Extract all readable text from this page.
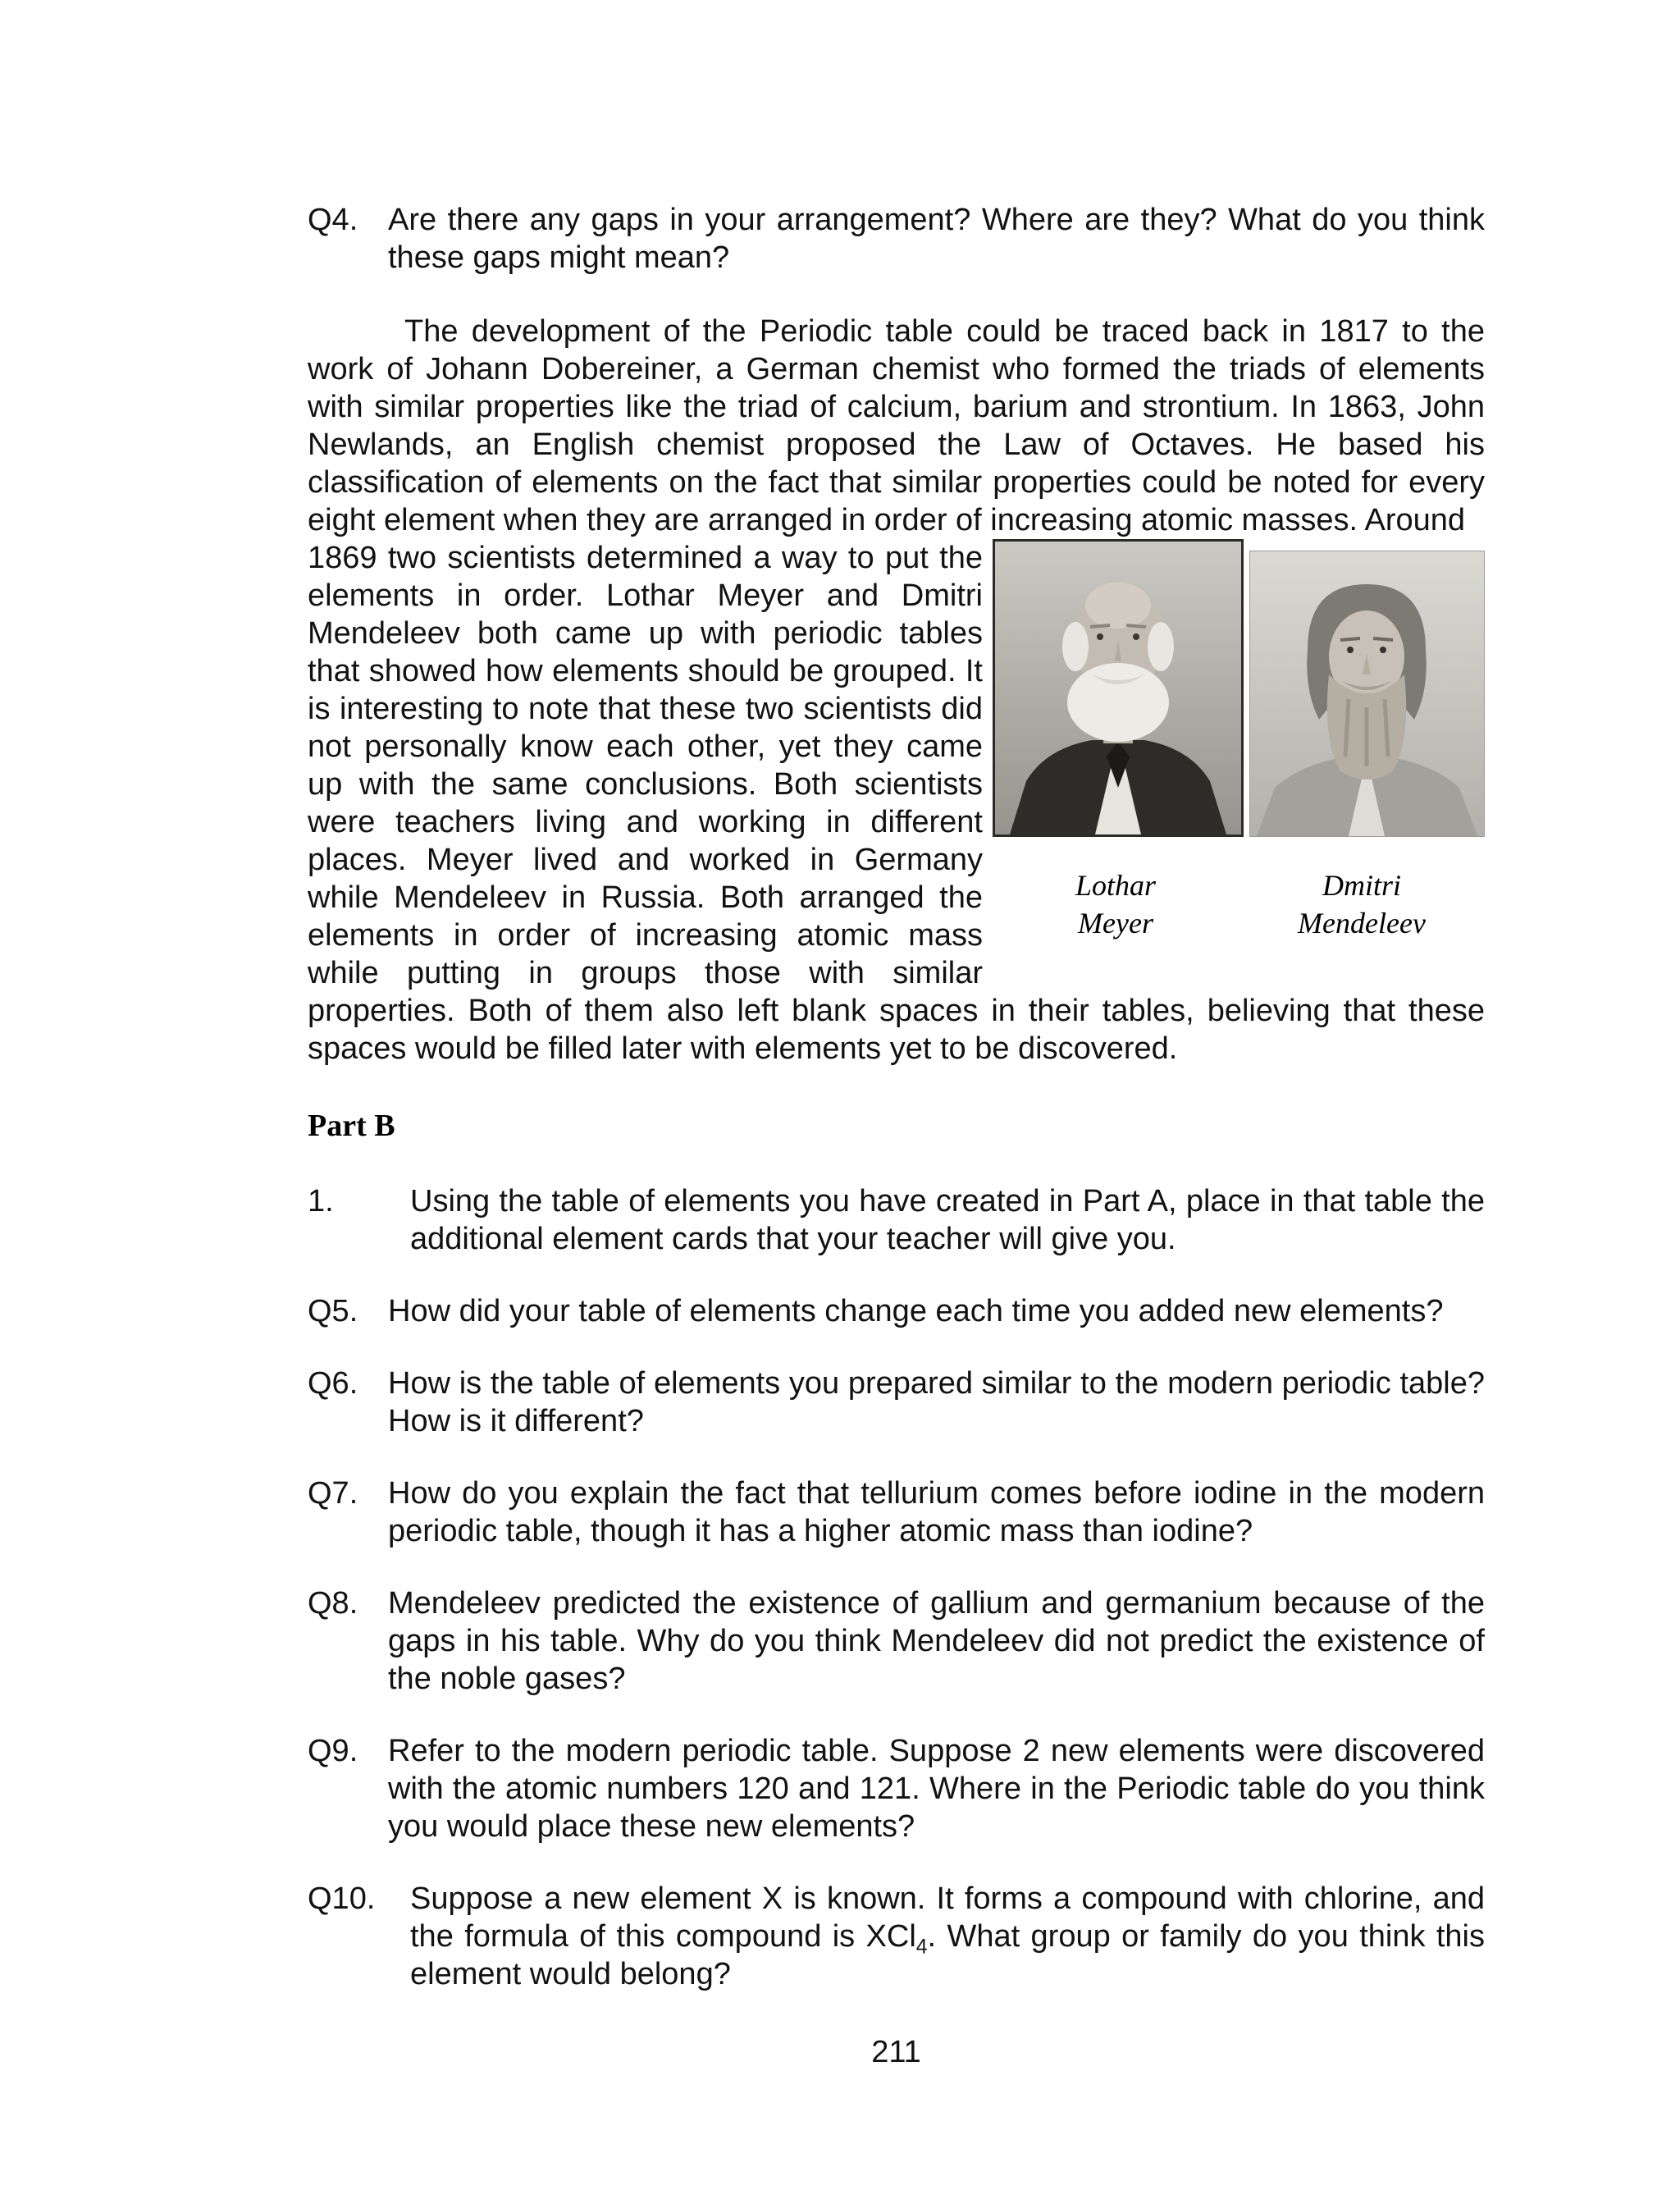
Q4. Are there any gaps in your arrangement? Where are they? What do you think these gaps might mean?

The development of the Periodic table could be traced back in 1817 to the work of Johann Dobereiner, a German chemist who formed the triads of elements with similar properties like the triad of calcium, barium and strontium. In 1863, John Newlands, an English chemist proposed the Law of Octaves. He based his classification of elements on the fact that similar properties could be noted for every eight element when they are arranged in order of increasing atomic masses. Around

Lothar
Meyer
Dmitri
Mendeleev

1869 two scientists determined a way to put the elements in order. Lothar Meyer and Dmitri Mendeleev both came up with periodic tables that showed how elements should be grouped. It is interesting to note that these two scientists did not personally know each other, yet they came up with the same conclusions. Both scientists were teachers living and working in different places. Meyer lived and worked in Germany while Mendeleev in Russia. Both arranged the elements in order of increasing atomic mass while putting in groups those with similar properties. Both of them also left blank spaces in their tables, believing that these spaces would be filled later with elements yet to be discovered.

Part B
1.	Using the table of elements you have created in Part A, place in that table the additional element cards that your teacher will give you.

Q5. How did your table of elements change each time you added new elements?

Q6. How is the table of elements you prepared similar to the modern periodic table? How is it different?

Q7. How do you explain the fact that tellurium comes before iodine in the modern periodic table, though it has a higher atomic mass than iodine?

Q8. Mendeleev predicted the existence of gallium and germanium because of the gaps in his table. Why do you think Mendeleev did not predict the existence of the noble gases?

Q9. Refer to the modern periodic table. Suppose 2 new elements were discovered with the atomic numbers 120 and 121. Where in the Periodic table do you think you would place these new elements?

Q10.	Suppose a new element X is known. It forms a compound with chlorine, and the formula of this compound is XCl$_4$. What group or family do you think this element would belong?

211
